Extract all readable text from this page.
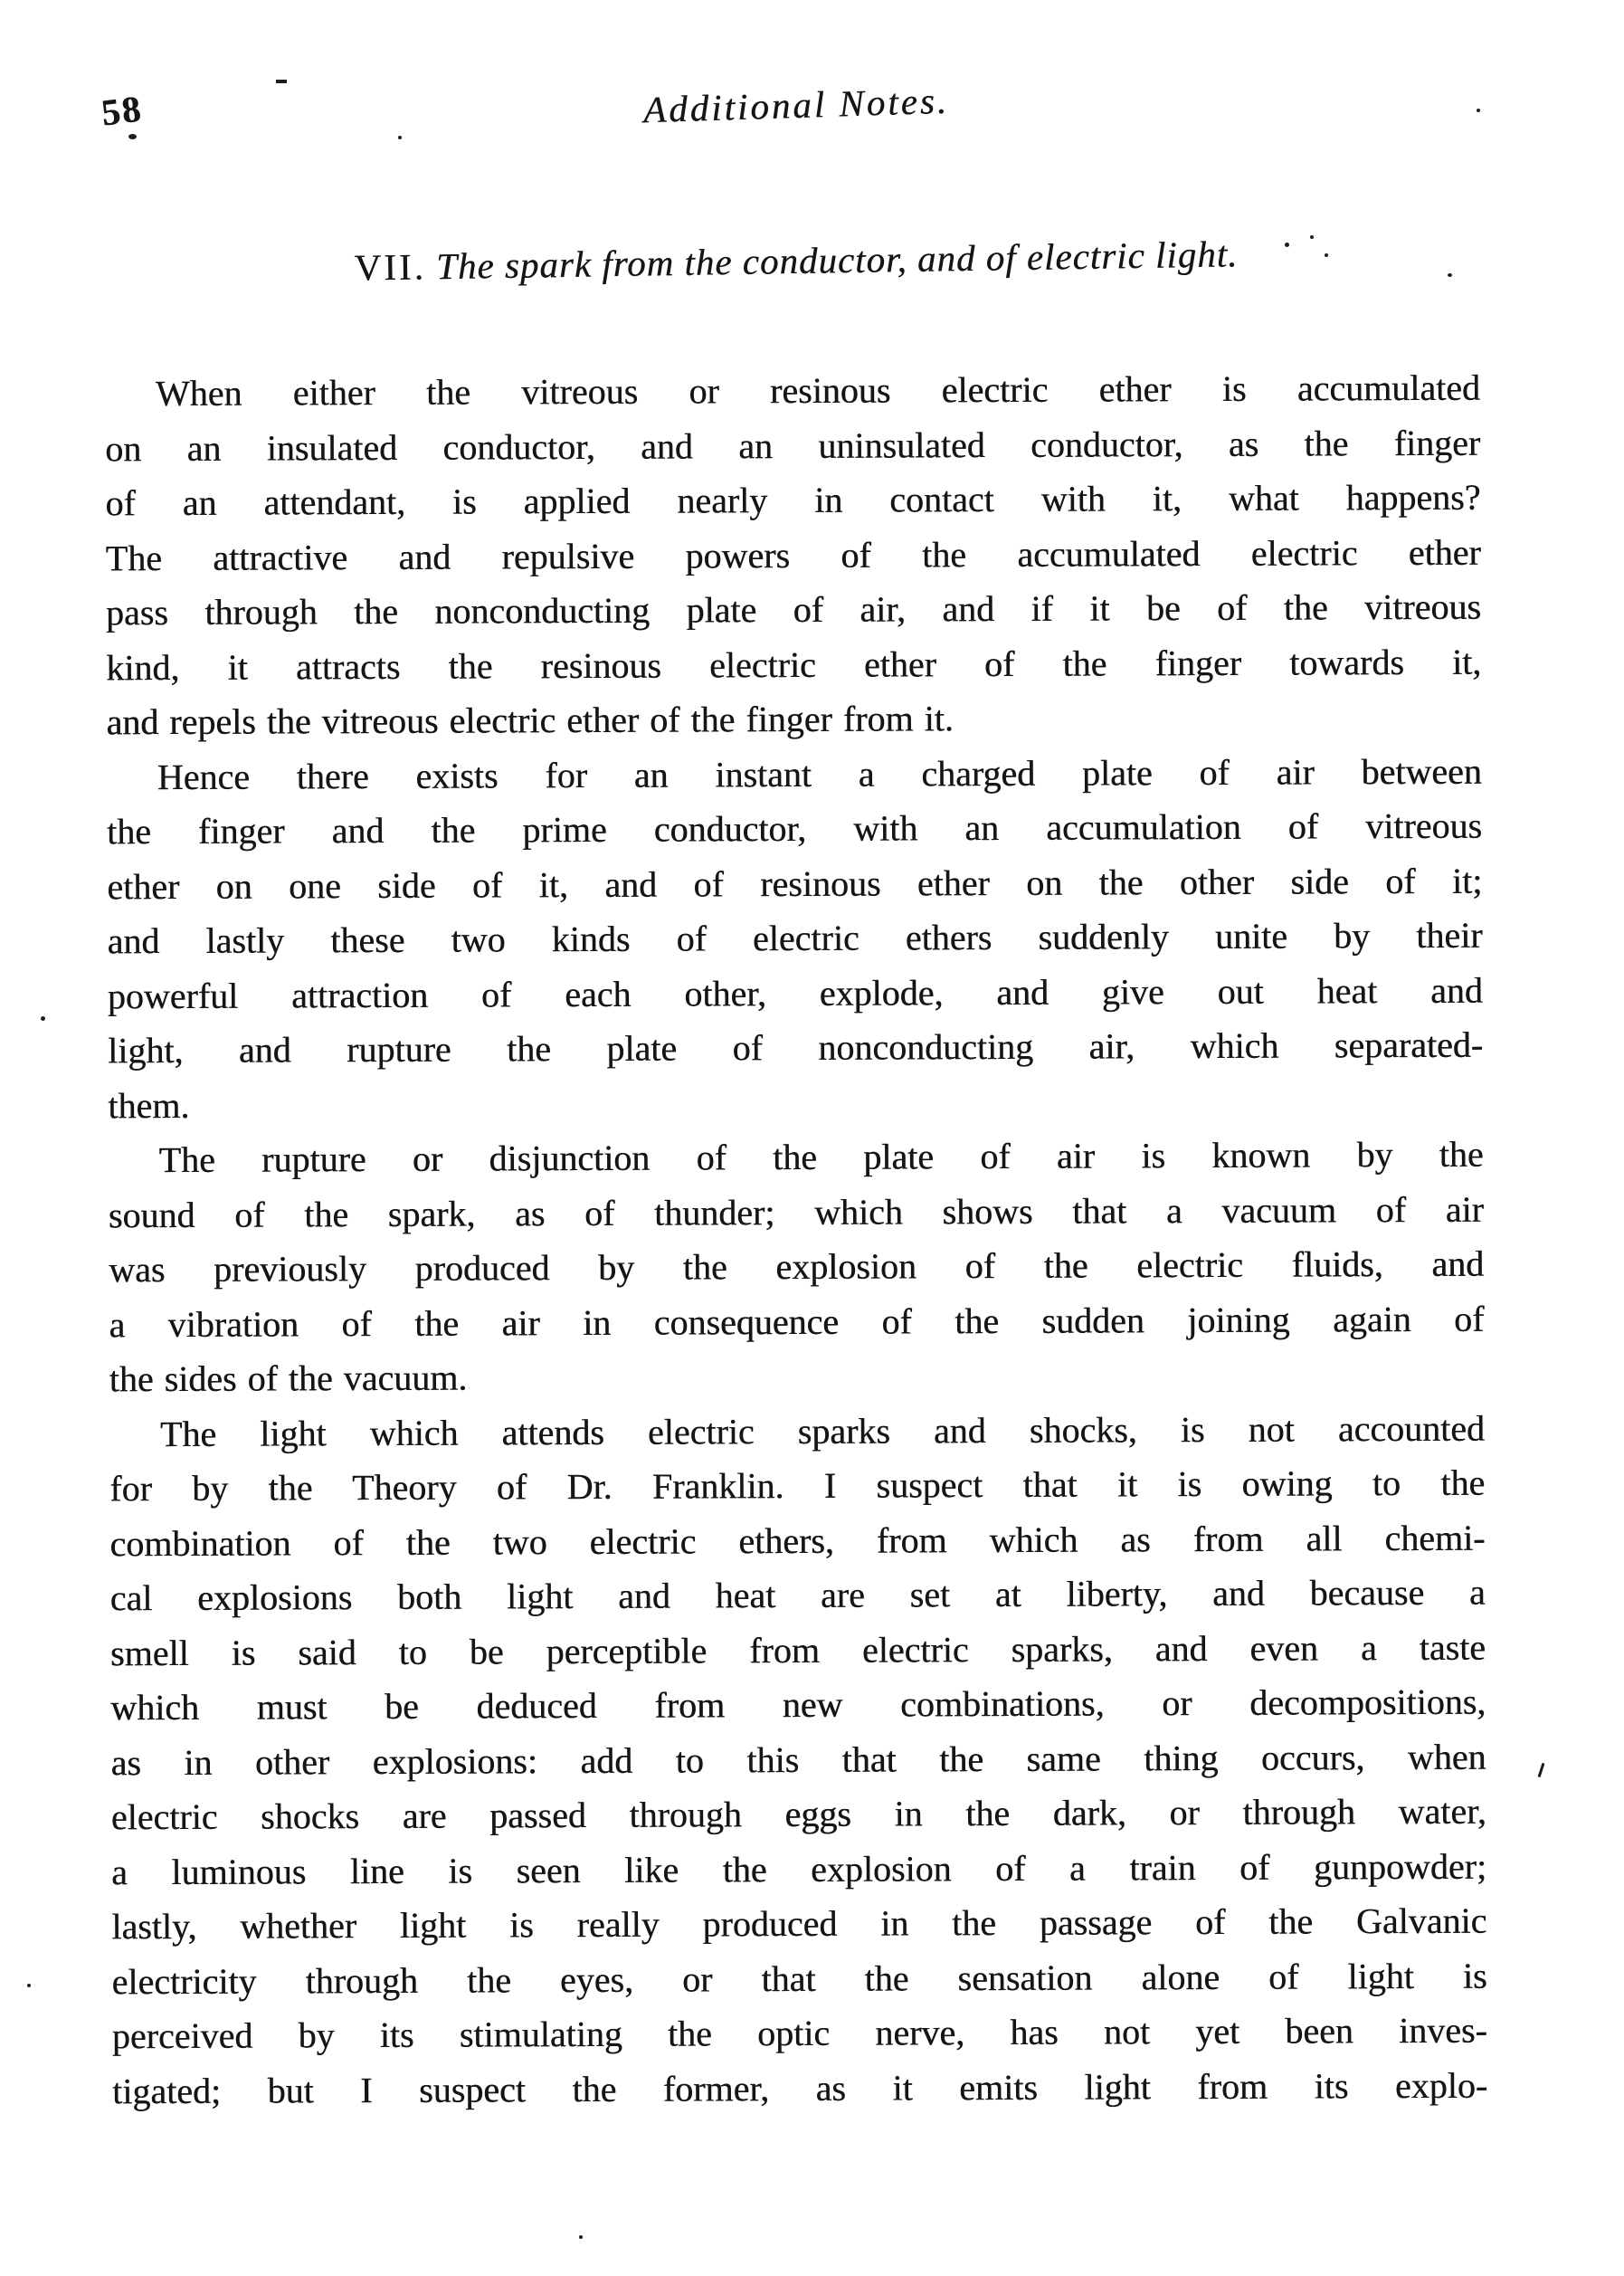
58	Additional Notes.
VII. The spark from the conductor, and of electric light.
When either the vitreous or resinous electric ether is accumulated
on an insulated conductor, and an uninsulated conductor, as the finger
of an attendant, is applied nearly in contact with it, what happens?
The attractive and repulsive powers of the accumulated electric ether
pass through the nonconducting plate of air, and if it be of the vitreous
kind, it attracts the resinous electric ether of the finger towards it,
and repels the vitreous electric ether of the finger from it.
Hence there exists for an instant a charged plate of air between
the finger and the prime conductor, with an accumulation of vitreous
ether on one side of it, and of resinous ether on the other side of it;
and lastly these two kinds of electric ethers suddenly unite by their
powerful attraction of each other, explode, and give out heat and
light, and rupture the plate of nonconducting air, which separated-
them.
The rupture or disjunction of the plate of air is known by the
sound of the spark, as of thunder; which shows that a vacuum of air
was previously produced by the explosion of the electric fluids, and
a vibration of the air in consequence of the sudden joining again of
the sides of the vacuum.
The light which attends electric sparks and shocks, is not accounted
for by the Theory of Dr. Franklin. I suspect that it is owing to the
combination of the two electric ethers, from which as from all chemi-
cal explosions both light and heat are set at liberty, and because a
smell is said to be perceptible from electric sparks, and even a taste
which must be deduced from new combinations, or decompositions,
as in other explosions: add to this that the same thing occurs, when
electric shocks are passed through eggs in the dark, or through water,
a luminous line is seen like the explosion of a train of gunpowder;
lastly, whether light is really produced in the passage of the Galvanic
electricity through the eyes, or that the sensation alone of light is
perceived by its stimulating the optic nerve, has not yet been inves-
tigated; but I suspect the former, as it emits light from its explo-
